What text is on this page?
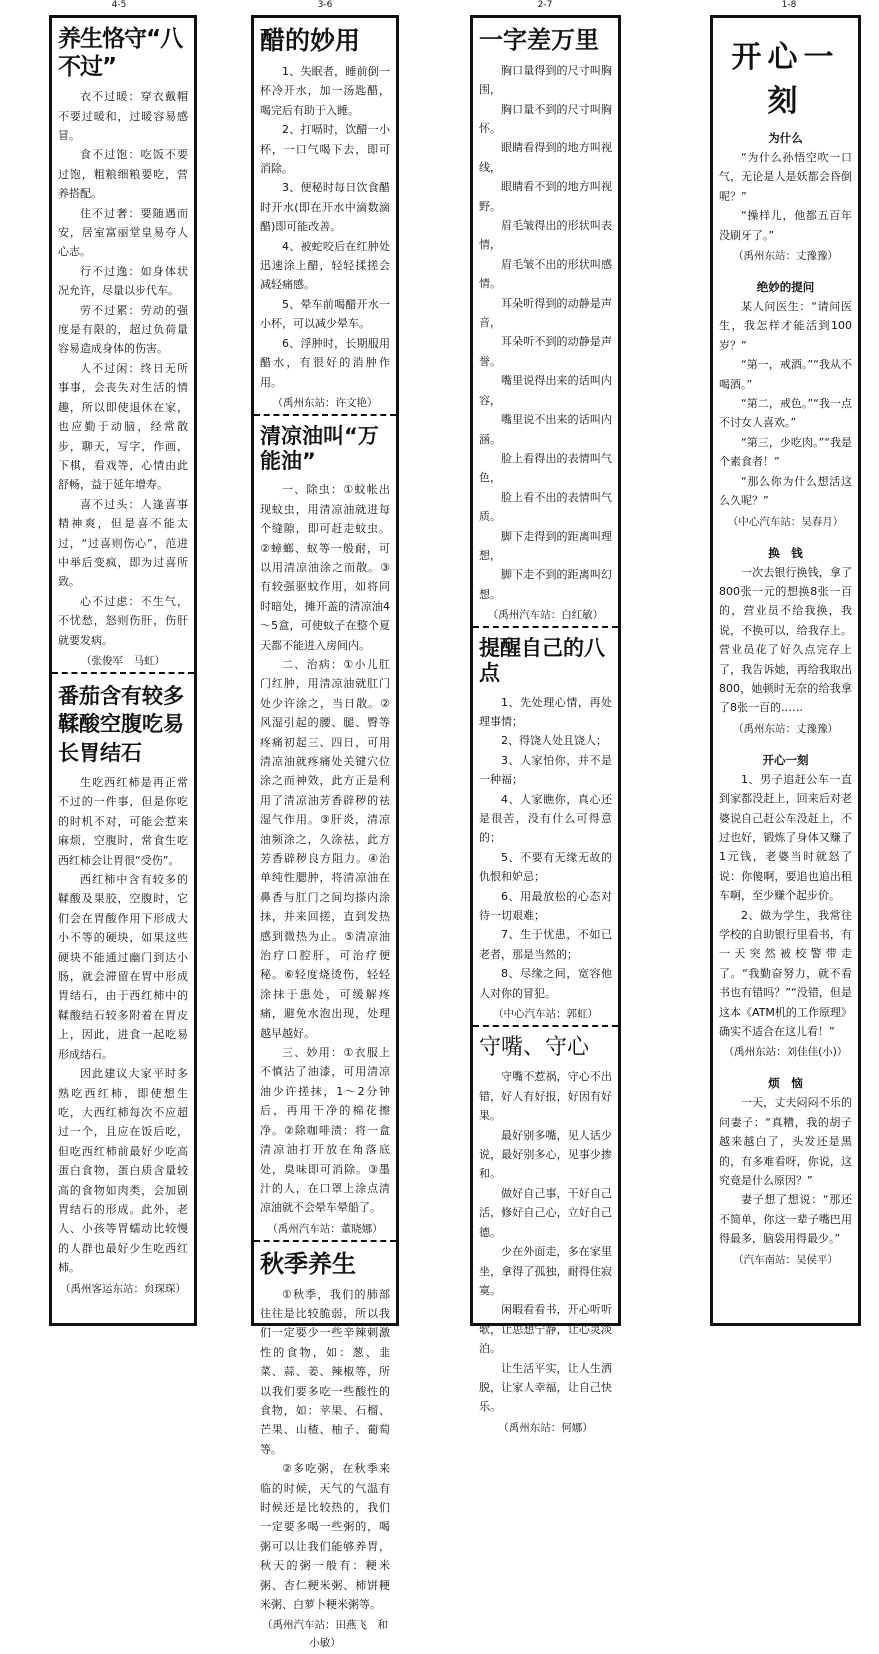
4-5	3-6	2-7	1-8
养生恪守“八不过”

衣不过暖：穿衣戴帽不要过暖和，过暖容易感冒。

食不过饱：吃饭不要过饱，粗粮细粮要吃，营养搭配。

住不过奢：要随遇而安，居室富丽堂皇易夺人心志。

行不过逸：如身体状况允许，尽量以步代车。

劳不过累：劳动的强度是有限的，超过负荷量容易造成身体的伤害。

人不过闲：终日无所事事，会丧失对生活的情趣，所以即使退休在家，也应勤于动脑，经常散步，聊天，写字，作画，下棋，看戏等，心情由此舒畅，益于延年增寿。

喜不过头：人逢喜事精神爽，但是喜不能太过，“过喜则伤心”，范进中举后变疯，即为过喜所致。

心不过虑：不生气，不忧愁，怒则伤肝，伤肝就要发病。

（张俊军　马虹）

番茄含有较多鞣酸空腹吃易长胃结石

生吃西红柿是再正常不过的一件事，但是你吃的时机不对，可能会惹来麻烦，空腹时，常食生吃西红柿会让胃很“受伤”。

西红柿中含有较多的鞣酸及果胶，空腹时，它们会在胃酸作用下形成大小不等的硬块，如果这些硬块不能通过幽门到达小肠，就会滞留在胃中形成胃结石，由于西红柿中的鞣酸结石较多附着在胃皮上，因此，进食一起吃易形成结石。

因此建议大家平时多熟吃西红柿，即使想生吃，大西红柿每次不应超过一个，且应在饭后吃，但吃西红柿前最好少吃高蛋白食物，蛋白质含量较高的食物如肉类，会加剧胃结石的形成。此外，老人、小孩等胃蠕动比较慢的人群也最好少生吃西红柿。

（禹州客运东站：贠琛琛）

醋的妙用

1、失眠者，睡前倒一杯冷开水，加一汤匙醋，喝完后有助于入睡。

2、打嗝时，饮醋一小杯，一口气喝下去，即可消除。

3、便秘时每日饮食醋时开水(即在开水中滴数滴醋)即可能改善。

4、被蛇咬后在红肿处迅速涂上醋，轻轻揉搓会减轻痛感。

5、晕车前喝醋开水一小杯，可以减少晕车。

6、浮肿时，长期服用醋水，有很好的消肿作用。

（禹州东站：许文艳）

清凉油叫“万能油”

一、除虫：①蚊帐出现蚊虫，用清凉油就进每个缝隙，即可赶走蚊虫。②蟑螂、蚁等一般耐，可以用清凉油涂之而散。③有较强驱蚊作用，如将同时暗处，摊开盖的清凉油4～5盒，可使蚊子在整个夏天都不能进入房间内。

二、治病：①小儿肛门红肿，用清凉油就肛门处少许涂之，当日散。②风湿引起的腰、腿、臀等疼痛初起三、四日，可用清凉油就疼痛处关键穴位涂之而神效，此方正是利用了清凉油芳香辟秽的祛湿气作用。③肝炎，清凉油频涂之，久涂祛，此方芳香辟秽良方阻力。④治单纯性腮肿，将清凉油在鼻香与肛门之间均搽内涂抹，并来回搓，直到发热感到微热为止。⑤清凉油治疗口腔肝，可治疗便秘。⑥轻度烧烫伤，轻轻涂抹于患处，可缓解疼痛，避免水泡出现，处理越早越好。

三、妙用：①衣服上不慎沾了油漆，可用清凉油少许搓抹，1～2分钟后，再用干净的棉花擦净。②除咖啡渍：将一盒清凉油打开放在角落底处，臭味即可消除。③墨汁的人，在口罩上涂点清凉油就不会晕车晕船了。

（禹州汽车站：董晓娜）

秋季养生

①秋季，我们的肺部往往是比较脆弱，所以我们一定要少一些辛辣刺激性的食物，如：葱、韭菜、蒜、姜、辣椒等，所以我们要多吃一些酸性的食物，如：苹果、石榴、芒果、山楂、柚子、葡萄等。

②多吃粥，在秋季来临的时候，天气的气温有时候还是比较热的，我们一定要多喝一些粥的，喝粥可以让我们能够养胃，秋天的粥一般有：粳米粥、杏仁粳米粥、柿饼粳米粥、白萝卜粳米粥等。

（禹州汽车站：田燕飞　和小敏）

一字差万里

胸口量得到的尺寸叫胸围，

胸口量不到的尺寸叫胸怀。

眼睛看得到的地方叫视线，

眼睛看不到的地方叫视野。

眉毛皱得出的形状叫表情，

眉毛皱不出的形状叫感情。

耳朵听得到的动静是声音，

耳朵听不到的动静是声誉。

嘴里说得出来的话叫内容，

嘴里说不出来的话叫内涵。

脸上看得出的表情叫气色，

脸上看不出的表情叫气质。

脚下走得到的距离叫理想，

脚下走不到的距离叫幻想。

（禹州汽车站：白红敏）

提醒自己的八点

1、先处理心情，再处理事情；

2、得饶人处且饶人；

3、人家怕你，并不是一种福；

4、人家瞧你，真心还是很苦，没有什么可得意的；

5、不要有无缘无故的仇恨和妒忌；

6、用最放松的心态对待一切艰难；

7、生于忧患，不如已老者，那是当然的；

8、尽缘之间，宽容他人对你的冒犯。

（中心汽车站：郭虹）

守嘴、守心

守嘴不惹祸，守心不出错，好人有好报，好因有好果。

最好别多嘴，见人话少说，最好别多心，见事少掺和。

做好自己事，干好自己活，修好自己心，立好自己德。

少在外面走，多在家里坐，拿得了孤独，耐得住寂寞。

闲暇看看书，开心听听歌，让思想宁静，让心灵淡泊。

让生活平实，让人生洒脱，让家人幸福，让自己快乐。

（禹州东站：何娜）

开心一刻

为什么

“为什么孙悟空吹一口气，无论是人是妖都会昏倒呢？”

“操样儿，他都五百年没刷牙了。”

（禹州东站：丈豫豫）

绝妙的提问

某人问医生：“请问医生，我怎样才能活到100岁？”

“第一，戒酒。”“我从不喝酒。”

“第二，戒色。”“我一点不讨女人喜欢。”

“第三，少吃肉。”“我是个素食者！”

“那么你为什么想活这么久呢？”

（中心汽车站：吴春月）

换　钱

一次去银行换钱，拿了800张一元的想换8张一百的，营业员不给我换，我说，不换可以，给我存上。营业员花了好久点完存上了，我告诉她，再给我取出800，她顿时无奈的给我拿了8张一百的……

（禹州东站：丈豫豫）

开心一刻

1、男子追赶公车一直到家都没赶上，回来后对老婆说自己赶公车没赶上，不过也好，锻炼了身体又赚了1元钱，老婆当时就怒了说：你傻啊，要追也追出租车啊，至少赚个起步价。

2、做为学生，我常往学校的自助银行里看书，有一天突然被校警带走了。“我勤奋努力，就不看书也有错吗？”“没错，但是这本《ATM机的工作原理》确实不适合在这儿看！”

（禹州东站：刘佳佳(小)）

烦　恼

一天，丈夫闷闷不乐的问妻子：“真糟，我的胡子越来越白了，头发还是黑的，有多难看呀，你说，这究竟是什么原因？”

妻子想了想说：“那还不简单，你这一辈子嘴巴用得最多，脑袋用得最少。”

（汽车南站：吴侯平）
